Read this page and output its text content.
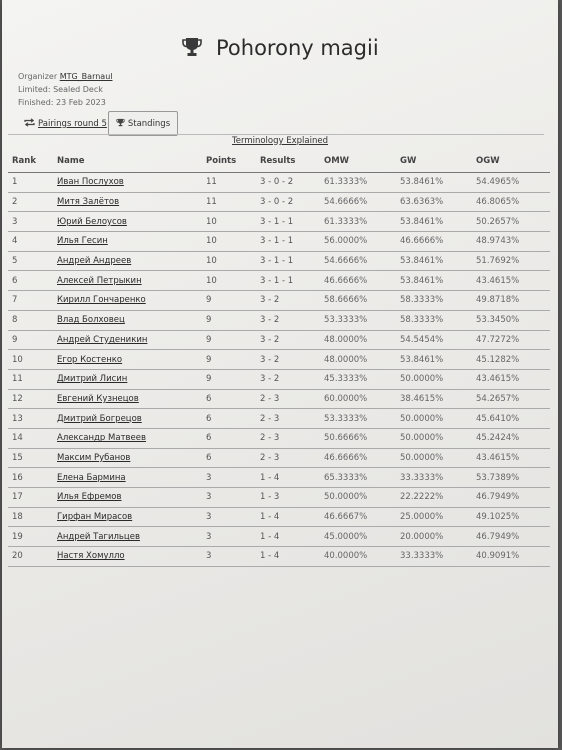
Pohorony magii
Organizer MTG_Barnaul
Limited: Sealed Deck
Finished: 23 Feb 2023
Pairings round 5 Standings
Terminology Explained
Rank Name	Points	Results	OMW	GW	OGW
1	Иван Послухов	11	3 - 0 - 2	61.3333%	53.8461%	54.4965%
2	Митя Залётов	11	3 - 0 - 2	54.6666%	63.6363%	46.8065%
3	Юрий Белоусов	10	3 - 1 - 1	61.3333%	53.8461%	50.2657%
4	Илья Гесин	10	3 - 1 - 1	56.0000%	46.6666%	48.9743%
5	Андрей Андреев	10	3 - 1 - 1	54.6666%	53.8461%	51.7692%
6	Алексей Петрыкин	10	3 - 1 - 1	46.6666%	53.8461%	43.4615%
7	Кирилл Гончаренко	9	3 - 2	58.6666%	58.3333%	49.8718%
8	Влад Болховец	9	3 - 2	53.3333%	58.3333%	53.3450%
9	Андрей Студеникин	9	3 - 2	48.0000%	54.5454%	47.7272%
10	Егор Костенко	9	3 - 2	48.0000%	53.8461%	45.1282%
11	Дмитрий Лисин	9	3 - 2	45.3333%	50.0000%	43.4615%
12	Евгений Кузнецов	6	2 - 3	60.0000%	38.4615%	54.2657%
13	Дмитрий Богрецов	6	2 - 3	53.3333%	50.0000%	45.6410%
14	Александр Матвеев	6	2 - 3	50.6666%	50.0000%	45.2424%
15	Максим Рубанов	6	2 - 3	46.6666%	50.0000%	43.4615%
16	Елена Бармина	3	1 - 4	65.3333%	33.3333%	53.7389%
17	Илья Ефремов	3	1 - 3	50.0000%	22.2222%	46.7949%
18	Гирфан Мирасов	3	1 - 4	46.6667%	25.0000%	49.1025%
19	Андрей Тагильцев	3	1 - 4	45.0000%	20.0000%	46.7949%
20	Настя Хомулло	3	1 - 4	40.0000%	33.3333%	40.9091%
